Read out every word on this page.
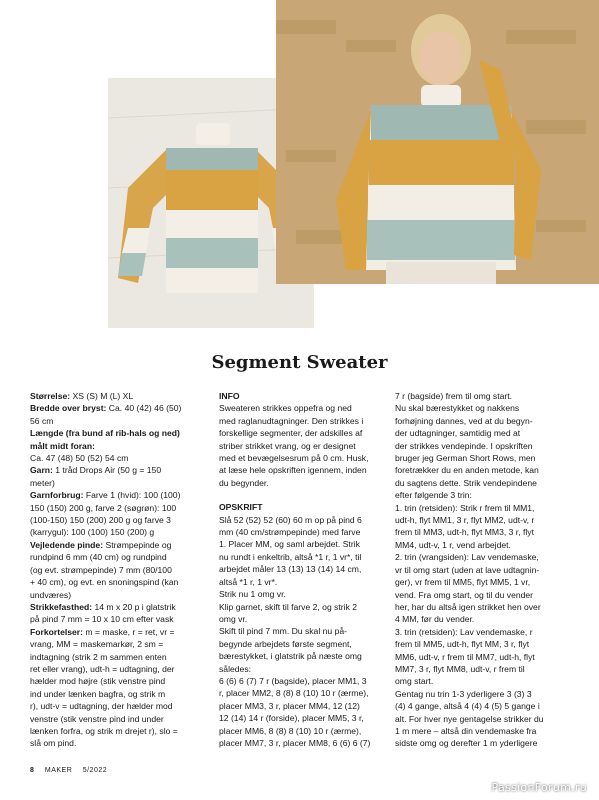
Segment Sweater
Størrelse: XS (S) M (L) XL
Bredde over bryst: Ca. 40 (42) 46 (50)
56 cm
Længde (fra bund af rib-hals og ned)
målt midt foran:
Ca. 47 (48) 50 (52) 54 cm
Garn: 1 tråd Drops Air (50 g = 150
meter)
Garnforbrug: Farve 1 (hvid): 100 (100)
150 (150) 200 g, farve 2 (søgrøn): 100
(100-150) 150 (200) 200 g og farve 3
(karrygul): 100 (100) 150 (200) g
Vejledende pinde: Strømpepinde og
rundpind 6 mm (40 cm) og rundpind
(og evt. strømpepinde) 7 mm (80/100
+ 40 cm), og evt. en snoningspind (kan
undværes)
Strikkefasthed: 14 m x 20 p i glatstrik
på pind 7 mm = 10 x 10 cm efter vask
Forkortelser: m = maske, r = ret, vr =
vrang, MM = maskemarkør, 2 sm =
indtagning (strik 2 m sammen enten
ret eller vrang), udt-h = udtagning, der
hælder mod højre (stik venstre pind
ind under lænken bagfra, og strik m
r), udt-v = udtagning, der hælder mod
venstre (stik venstre pind ind under
lænken forfra, og strik m drejet r), slo =
slå om pind.
INFO
Sweateren strikkes oppefra og ned
med raglanudtagninger. Den strikkes i
forskellige segmenter, der adskilles af
striber strikket vrang, og er designet
med et bevægelsesrum på 0 cm. Husk,
at læse hele opskriften igennem, inden
du begynder.
OPSKRIFT
Slå 52 (52) 52 (60) 60 m op på pind 6
mm (40 cm/strømpepinde) med farve
1. Placer MM, og saml arbejdet. Strik
nu rundt i enkeltrib, altså *1 r, 1 vr*, til
arbejdet måler 13 (13) 13 (14) 14 cm,
altså *1 r, 1 vr*.
Strik nu 1 omg vr.
Klip garnet, skift til farve 2, og strik 2
omg vr.
Skift til pind 7 mm. Du skal nu på-
begynde arbejdets første segment,
bærestykket, i glatstrik på næste omg
således:
6 (6) 6 (7) 7 r (bagside), placer MM1, 3
r, placer MM2, 8 (8) 8 (10) 10 r (ærme),
placer MM3, 3 r, placer MM4, 12 (12)
12 (14) 14 r (forside), placer MM5, 3 r,
placer MM6, 8 (8) 8 (10) 10 r (ærme),
placer MM7, 3 r, placer MM8, 6 (6) 6 (7)
7 r (bagside) frem til omg start.
Nu skal bærestykket og nakkens
forhøjning dannes, ved at du begyn-
der udtagninger, samtidig med at
der strikkes vendepinde. I opskriften
bruger jeg German Short Rows, men
foretrækker du en anden metode, kan
du sagtens dette. Strik vendepindene
efter følgende 3 trin:
1. trin (retsiden): Strik r frem til MM1,
udt-h, flyt MM1, 3 r, flyt MM2, udt-v, r
frem til MM3, udt-h, flyt MM3, 3 r, flyt
MM4, udt-v, 1 r, vend arbejdet.
2. trin (vrangsiden): Lav vendemaske,
vr til omg start (uden at lave udtagnin-
ger), vr frem til MM5, flyt MM5, 1 vr,
vend. Fra omg start, og til du vender
her, har du altså igen strikket hen over
4 MM, før du vender.
3. trin (retsiden): Lav vendemaske, r
frem til MM5, udt-h, flyt MM, 3 r, flyt
MM6, udt-v, r frem til MM7, udt-h, flyt
MM7, 3 r, flyt MM8, udt-v, r frem til
omg start.
Gentag nu trin 1-3 yderligere 3 (3) 3
(4) 4 gange, altså 4 (4) 4 (5) 5 gange i
alt. For hver nye gentagelse strikker du
1 m mere – altså din vendemaske fra
sidste omg og derefter 1 m yderligere
8 MAKER 5/2022
PassionForum.ru
